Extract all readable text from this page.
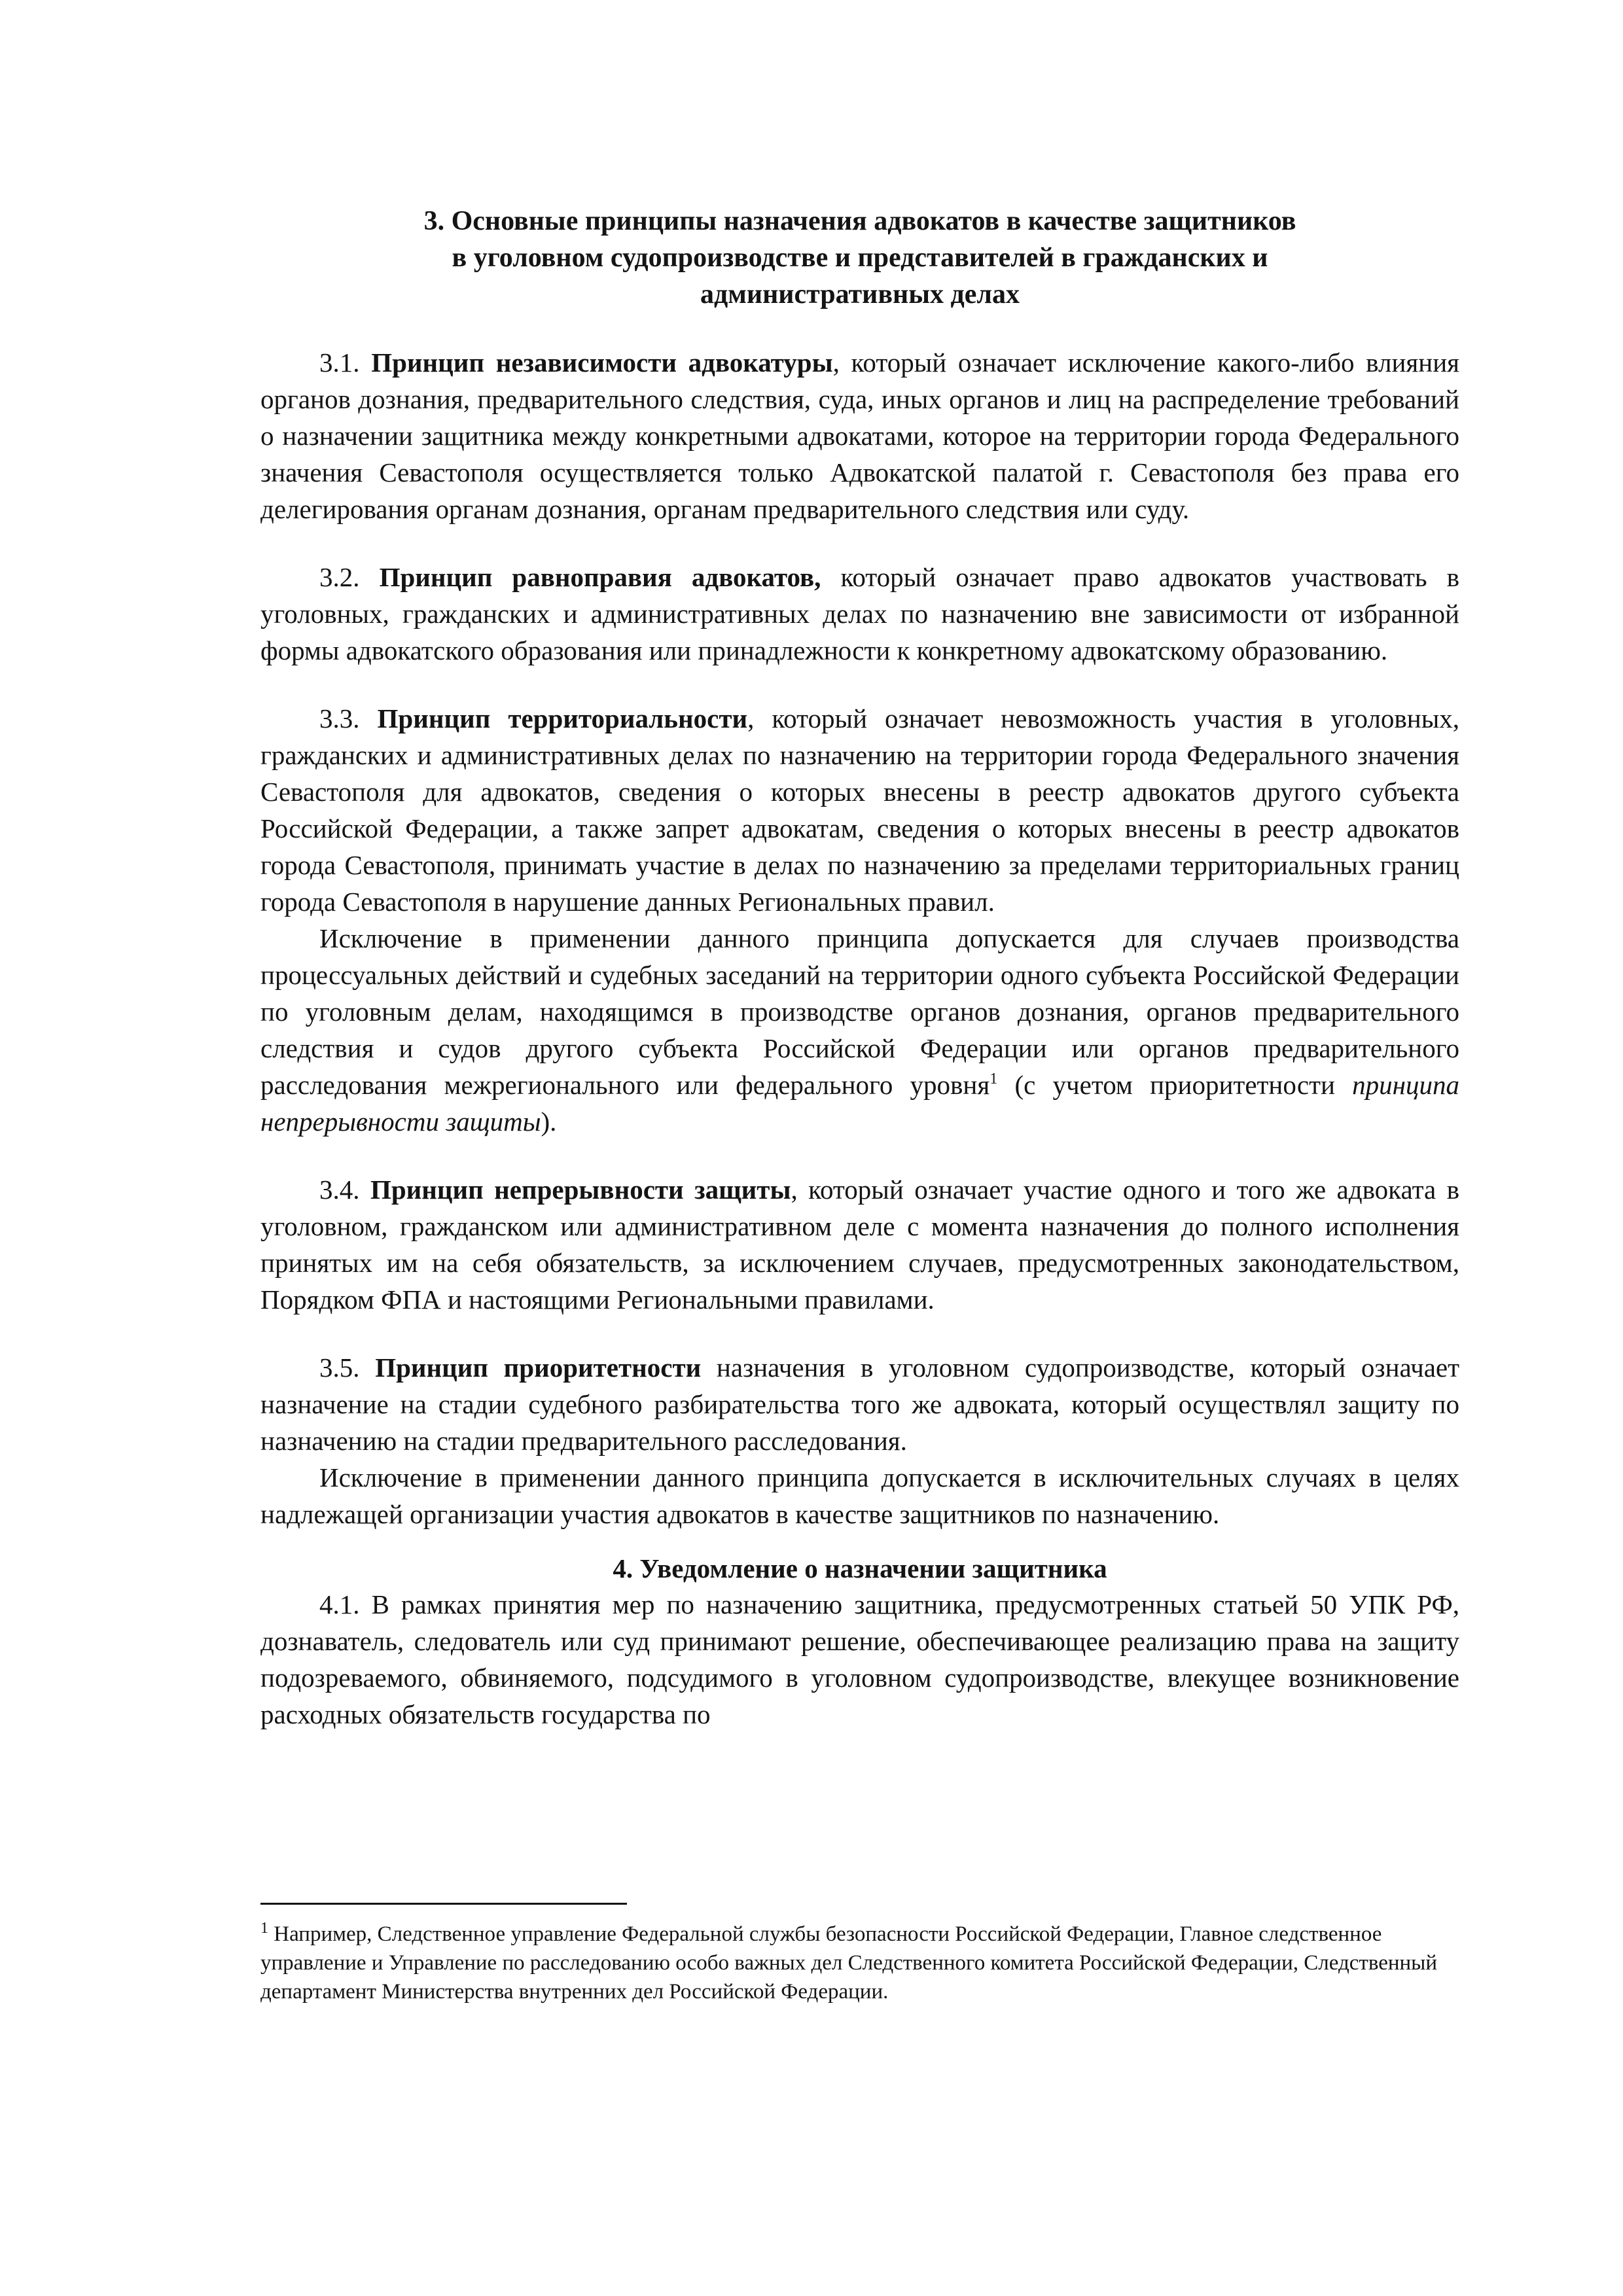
3. Основные принципы назначения адвокатов в качестве защитников
в уголовном судопроизводстве и представителей в гражданских и
административных делах

3.1. Принцип независимости адвокатуры, который означает исключение какого-либо влияния органов дознания, предварительного следствия, суда, иных органов и лиц на распределение требований о назначении защитника между конкретными адвокатами, которое на территории города Федерального значения Севастополя осуществляется только Адвокатской палатой г. Севастополя без права его делегирования органам дознания, органам предварительного следствия или суду.

3.2. Принцип равноправия адвокатов, который означает право адвокатов участвовать в уголовных, гражданских и административных делах по назначению вне зависимости от избранной формы адвокатского образования или принадлежности к конкретному адвокатскому образованию.

3.3. Принцип территориальности, который означает невозможность участия в уголовных, гражданских и административных делах по назначению на территории города Федерального значения Севастополя для адвокатов, сведения о которых внесены в реестр адвокатов другого субъекта Российской Федерации, а также запрет адвокатам, сведения о которых внесены в реестр адвокатов города Севастополя, принимать участие в делах по назначению за пределами территориальных границ города Севастополя в нарушение данных Региональных правил.

Исключение в применении данного принципа допускается для случаев производства процессуальных действий и судебных заседаний на территории одного субъекта Российской Федерации по уголовным делам, находящимся в производстве органов дознания, органов предварительного следствия и судов другого субъекта Российской Федерации или органов предварительного расследования межрегионального или федерального уровня$^1$ (с учетом приоритетности принципа непрерывности защиты).

3.4. Принцип непрерывности защиты, который означает участие одного и того же адвоката в уголовном, гражданском или административном деле с момента назначения до полного исполнения принятых им на себя обязательств, за исключением случаев, предусмотренных законодательством, Порядком ФПА и настоящими Региональными правилами.

3.5. Принцип приоритетности назначения в уголовном судопроизводстве, который означает назначение на стадии судебного разбирательства того же адвоката, который осуществлял защиту по назначению на стадии предварительного расследования.

Исключение в применении данного принципа допускается в исключительных случаях в целях надлежащей организации участия адвокатов в качестве защитников по назначению.

4. Уведомление о назначении защитника

4.1. В рамках принятия мер по назначению защитника, предусмотренных статьей 50 УПК РФ, дознаватель, следователь или суд принимают решение, обеспечивающее реализацию права на защиту подозреваемого, обвиняемого, подсудимого в уголовном судопроизводстве, влекущее возникновение расходных обязательств государства по

$^1$ Например, Следственное управление Федеральной службы безопасности Российской Федерации, Главное следственное управление и Управление по расследованию особо важных дел Следственного комитета Российской Федерации, Следственный департамент Министерства внутренних дел Российской Федерации.
